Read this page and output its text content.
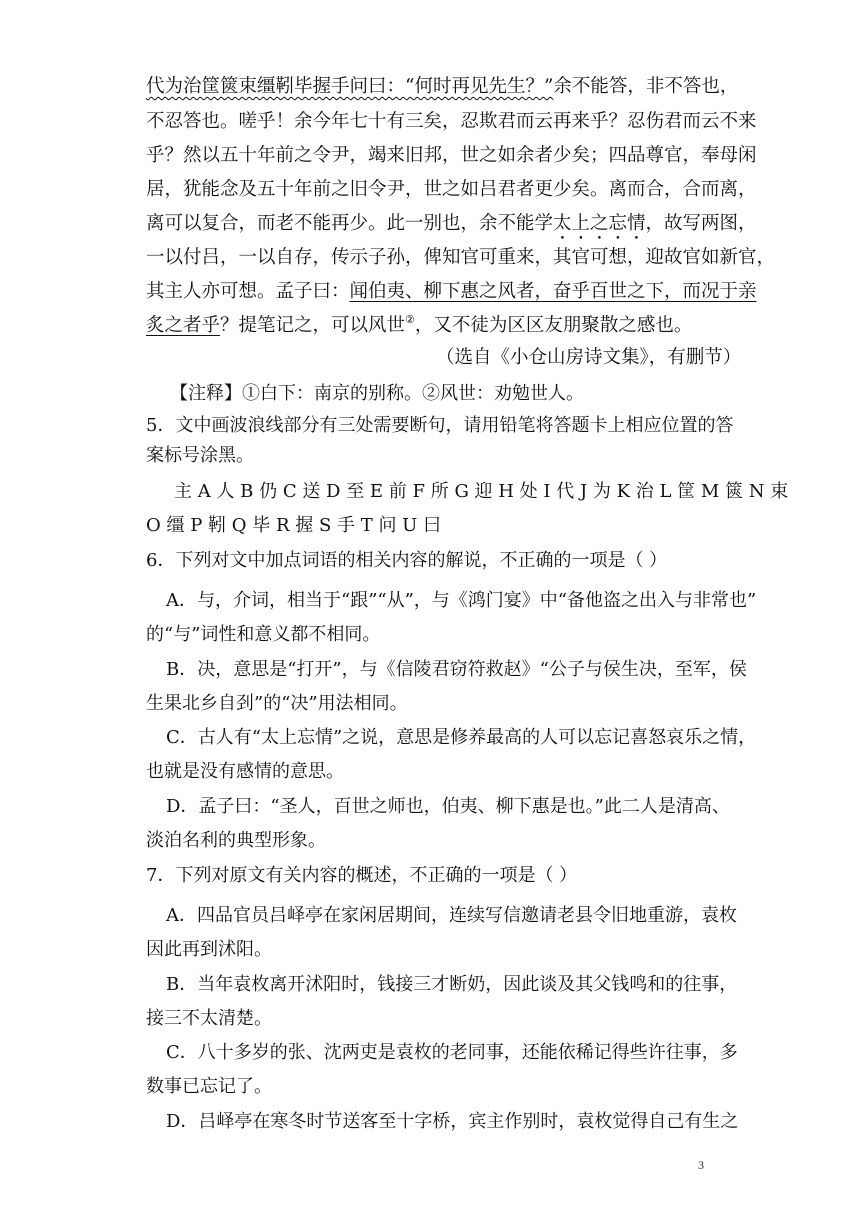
代为治筐篋束缰靷毕握手问曰：“何时再见先生？”余不能答，非不答也，
不忍答也。嗟乎！余今年七十有三矣，忍欺君而云再来乎？忍伤君而云不来
乎？然以五十年前之令尹，竭来旧邦，世之如余者少矣；四品尊官，奉母闲
居，犹能念及五十年前之旧令尹，世之如吕君者更少矣。离而合，合而离，
离可以复合，而老不能再少。此一别也，余不能学太上之忘情，故写两图，
一以付吕，一以自存，传示子孙，俾知官可重来，其官可想，迎故官如新官，
其主人亦可想。孟子曰：闻伯夷、柳下惠之风者，奋乎百世之下，而况于亲
炙之者乎？提笔记之，可以风世②，又不徒为区区友朋聚散之感也。
（选自《小仓山房诗文集》，有删节）
【注释】①白下：南京的别称。②风世：劝勉世人。
5．文中画波浪线部分有三处需要断句，请用铅笔将答题卡上相应位置的答
案标号涂黑。
主 A 人 B 仍 C 送 D 至 E 前 F 所 G 迎 H 处 I 代 J 为 K 治 L 筐 M 篋 N 束
O 缰 P 靷 Q 毕 R 握 S 手 T 问 U 曰
6．下列对文中加点词语的相关内容的解说，不正确的一项是（ ）
A．与，介词，相当于“跟”“从”，与《鸿门宴》中“备他盗之出入与非常也”
的“与”词性和意义都不相同。
B．决，意思是“打开”，与《信陵君窃符救赵》“公子与侯生决，至军，侯
生果北乡自刭”的“决”用法相同。
C．古人有“太上忘情”之说，意思是修养最高的人可以忘记喜怒哀乐之情，
也就是没有感情的意思。
D．孟子曰：“圣人，百世之师也，伯夷、柳下惠是也。”此二人是清高、
淡泊名利的典型形象。
7．下列对原文有关内容的概述，不正确的一项是（ ）
A．四品官员吕峄亭在家闲居期间，连续写信邀请老县令旧地重游，袁枚
因此再到沭阳。
B．当年袁枚离开沭阳时，钱接三才断奶，因此谈及其父钱鸣和的往事，
接三不太清楚。
C．八十多岁的张、沈两吏是袁枚的老同事，还能依稀记得些许往事，多
数事已忘记了。
D．吕峄亭在寒冬时节送客至十字桥，宾主作别时，袁枚觉得自己有生之
3
